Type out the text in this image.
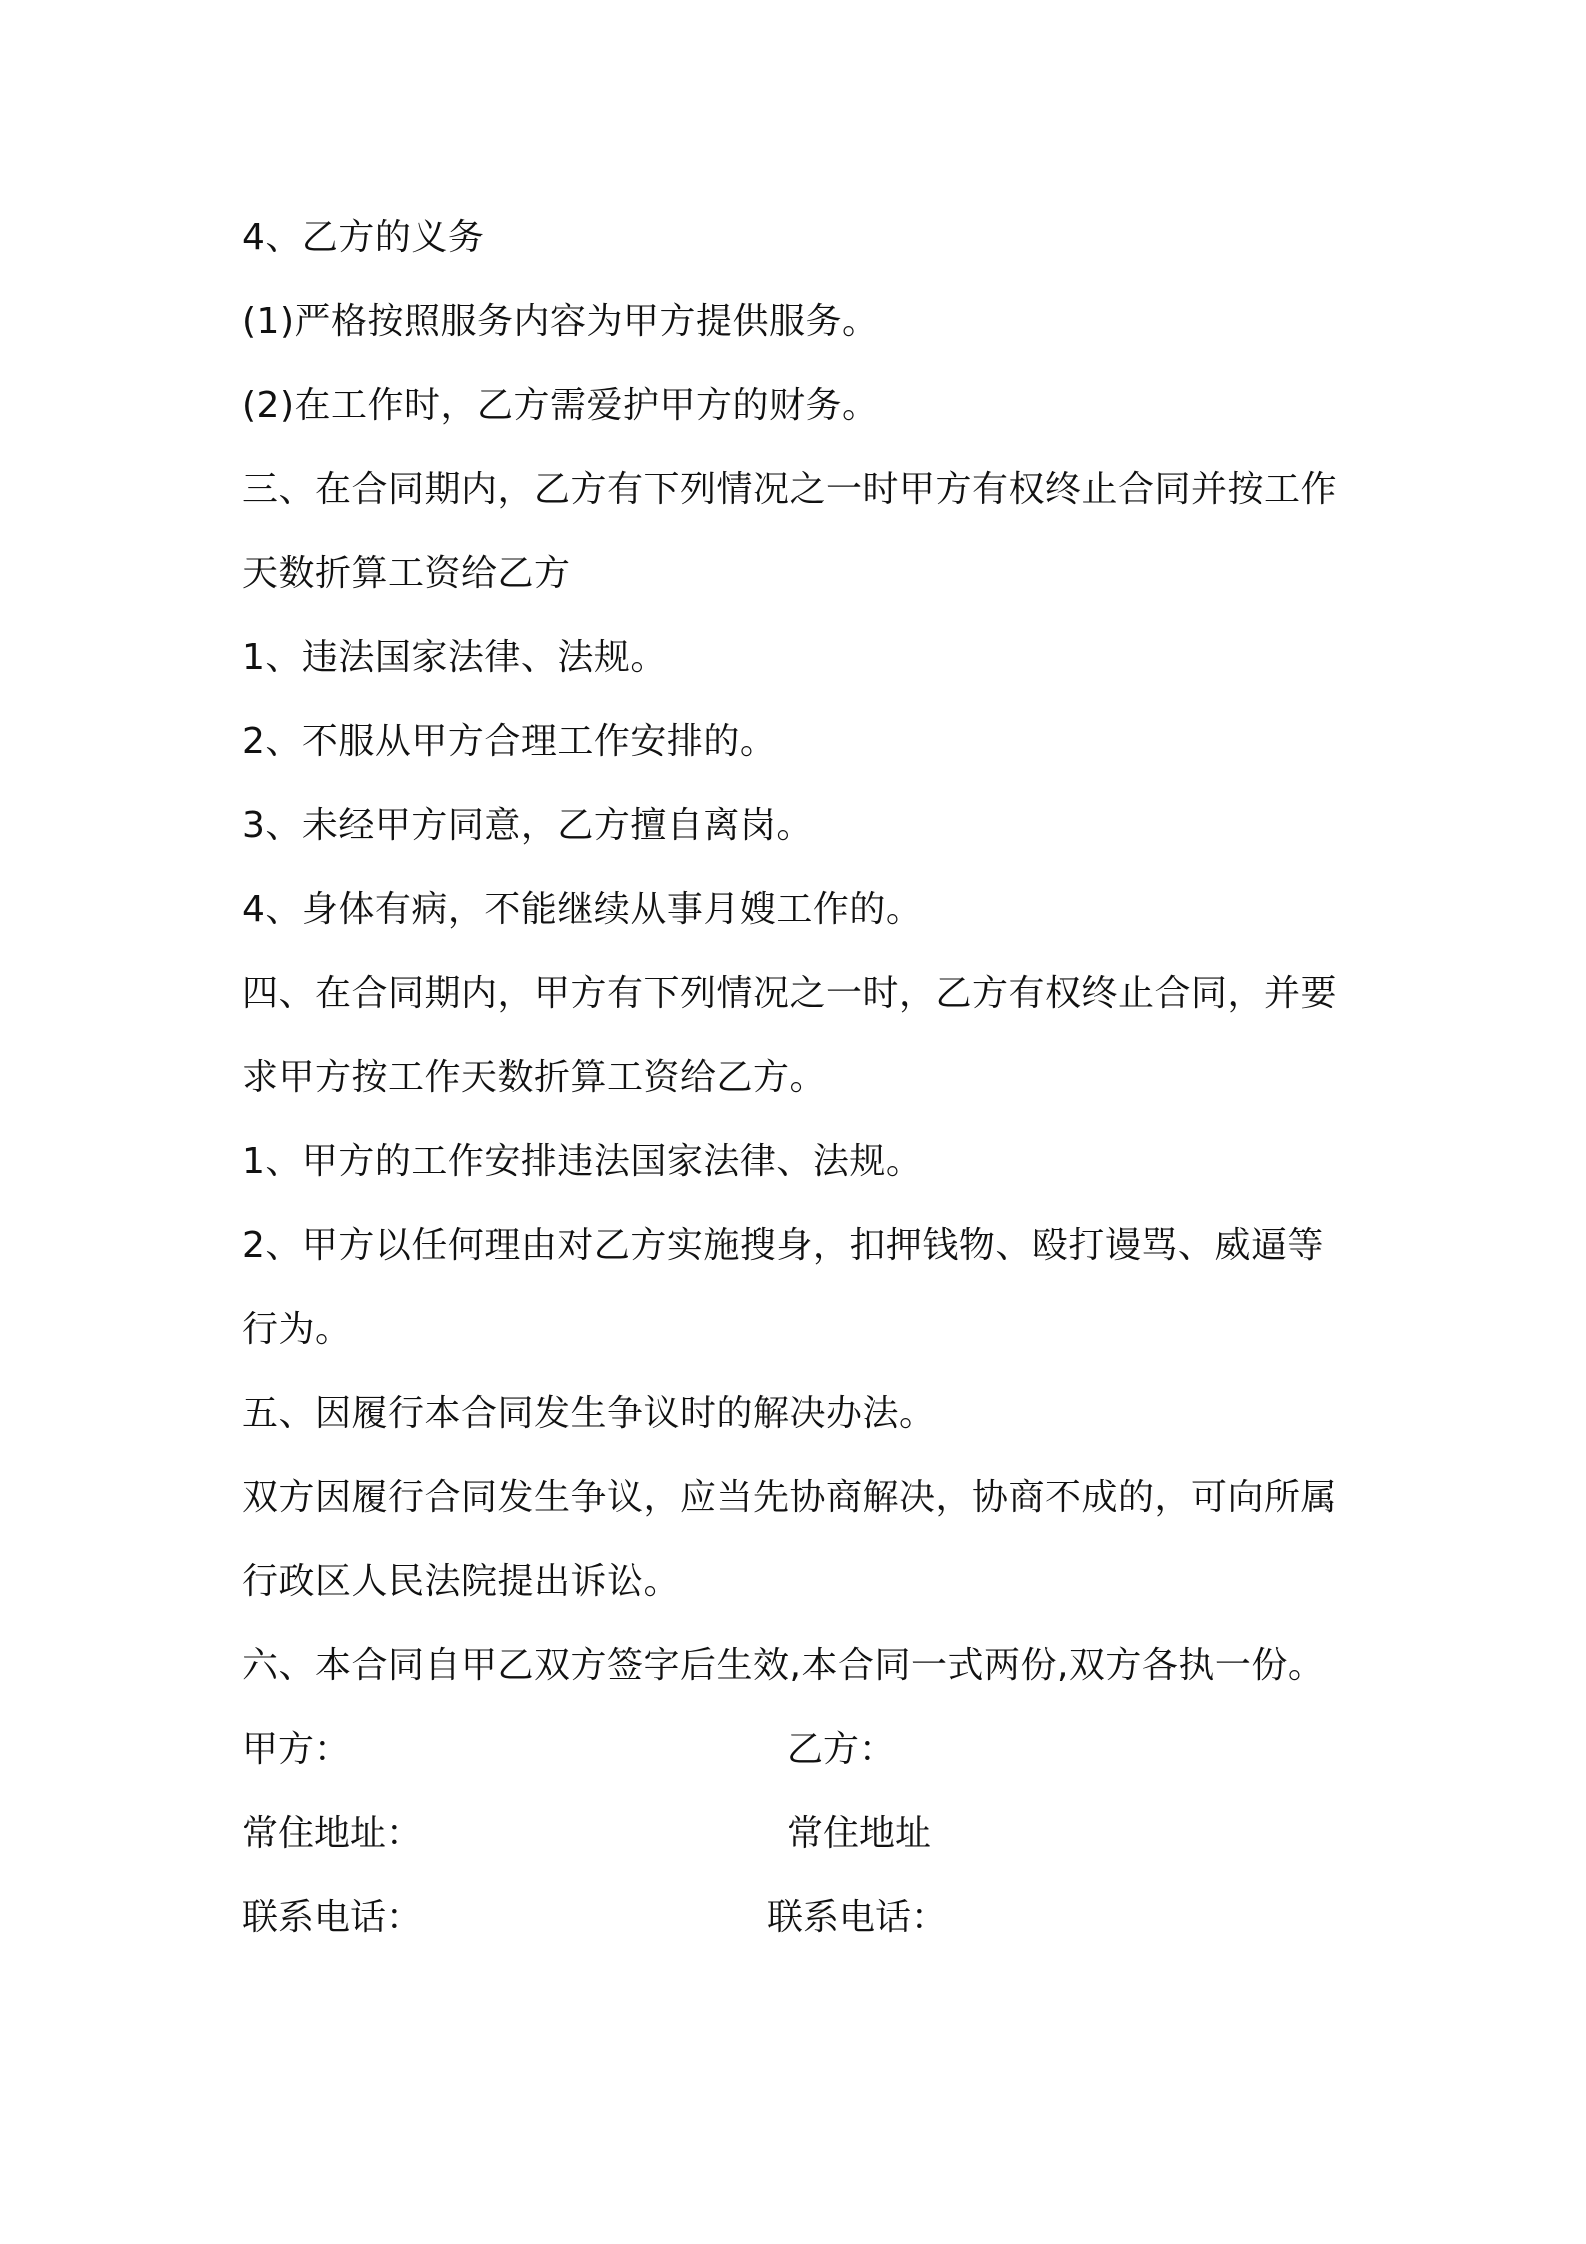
4、乙方的义务
(1)严格按照服务内容为甲方提供服务。
(2)在工作时，乙方需爱护甲方的财务。
三、在合同期内，乙方有下列情况之一时甲方有权终止合同并按工作
天数折算工资给乙方
1、违法国家法律、法规。
2、不服从甲方合理工作安排的。
3、未经甲方同意，乙方擅自离岗。
4、身体有病，不能继续从事月嫂工作的。
四、在合同期内，甲方有下列情况之一时，乙方有权终止合同，并要
求甲方按工作天数折算工资给乙方。
1、甲方的工作安排违法国家法律、法规。
2、甲方以任何理由对乙方实施搜身，扣押钱物、殴打谩骂、威逼等
行为。
五、因履行本合同发生争议时的解决办法。
双方因履行合同发生争议，应当先协商解决，协商不成的，可向所属
行政区人民法院提出诉讼。
六、本合同自甲乙双方签字后生效,本合同一式两份,双方各执一份。
甲方：	乙方：
常住地址：	常住地址
联系电话：	联系电话：
